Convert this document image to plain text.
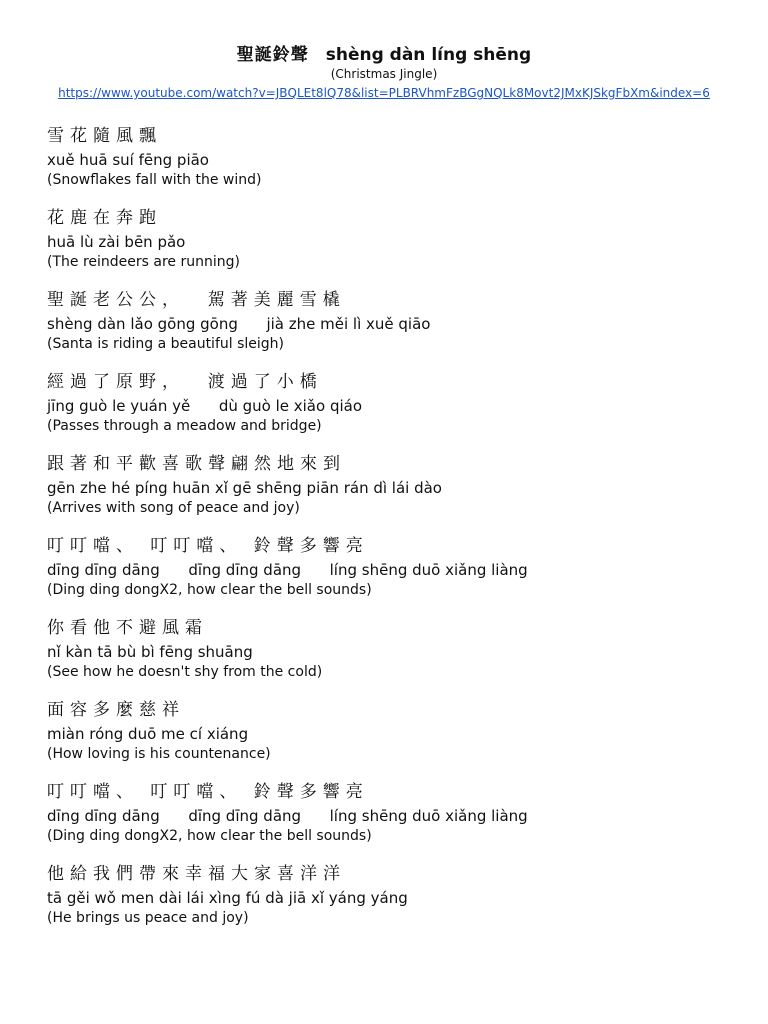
聖誕鈴聲 shèng dàn líng shēng
(Christmas Jingle)
https://www.youtube.com/watch?v=JBQLEt8lQ78&list=PLBRVhmFzBGgNQLk8Movt2JMxKJSkgFbXm&index=6
雪花隨風飄
xuě huā suí fēng piāo
(Snowflakes fall with the wind)
花鹿在奔跑
huā lù zài bēn pǎo
(The reindeers are running)
聖誕老公公，  駕著美麗雪橇
shèng dàn lǎo gōng gōng      jià zhe měi lì xuě qiāo
(Santa is riding a beautiful sleigh)
經過了原野，  渡過了小橋
jīng guò le yuán yě      dù guò le xiǎo qiáo
(Passes through a meadow and bridge)
跟著和平歡喜歌聲翩然地來到
gēn zhe hé píng huān xǐ gē shēng piān rán dì lái dào
(Arrives with song of peace and joy)
叮叮噹、 叮叮噹、 鈴聲多響亮
dīng dīng dāng      dīng dīng dāng      líng shēng duō xiǎng liàng
(Ding ding dongX2, how clear the bell sounds)
你看他不避風霜
nǐ kàn tā bù bì fēng shuāng
(See how he doesn't shy from the cold)
面容多麼慈祥
miàn róng duō me cí xiáng
(How loving is his countenance)
叮叮噹、 叮叮噹、 鈴聲多響亮
dīng dīng dāng      dīng dīng dāng      líng shēng duō xiǎng liàng
(Ding ding dongX2, how clear the bell sounds)
他給我們帶來幸福大家喜洋洋
tā gěi wǒ men dài lái xìng fú dà jiā xǐ yáng yáng
(He brings us peace and joy)
